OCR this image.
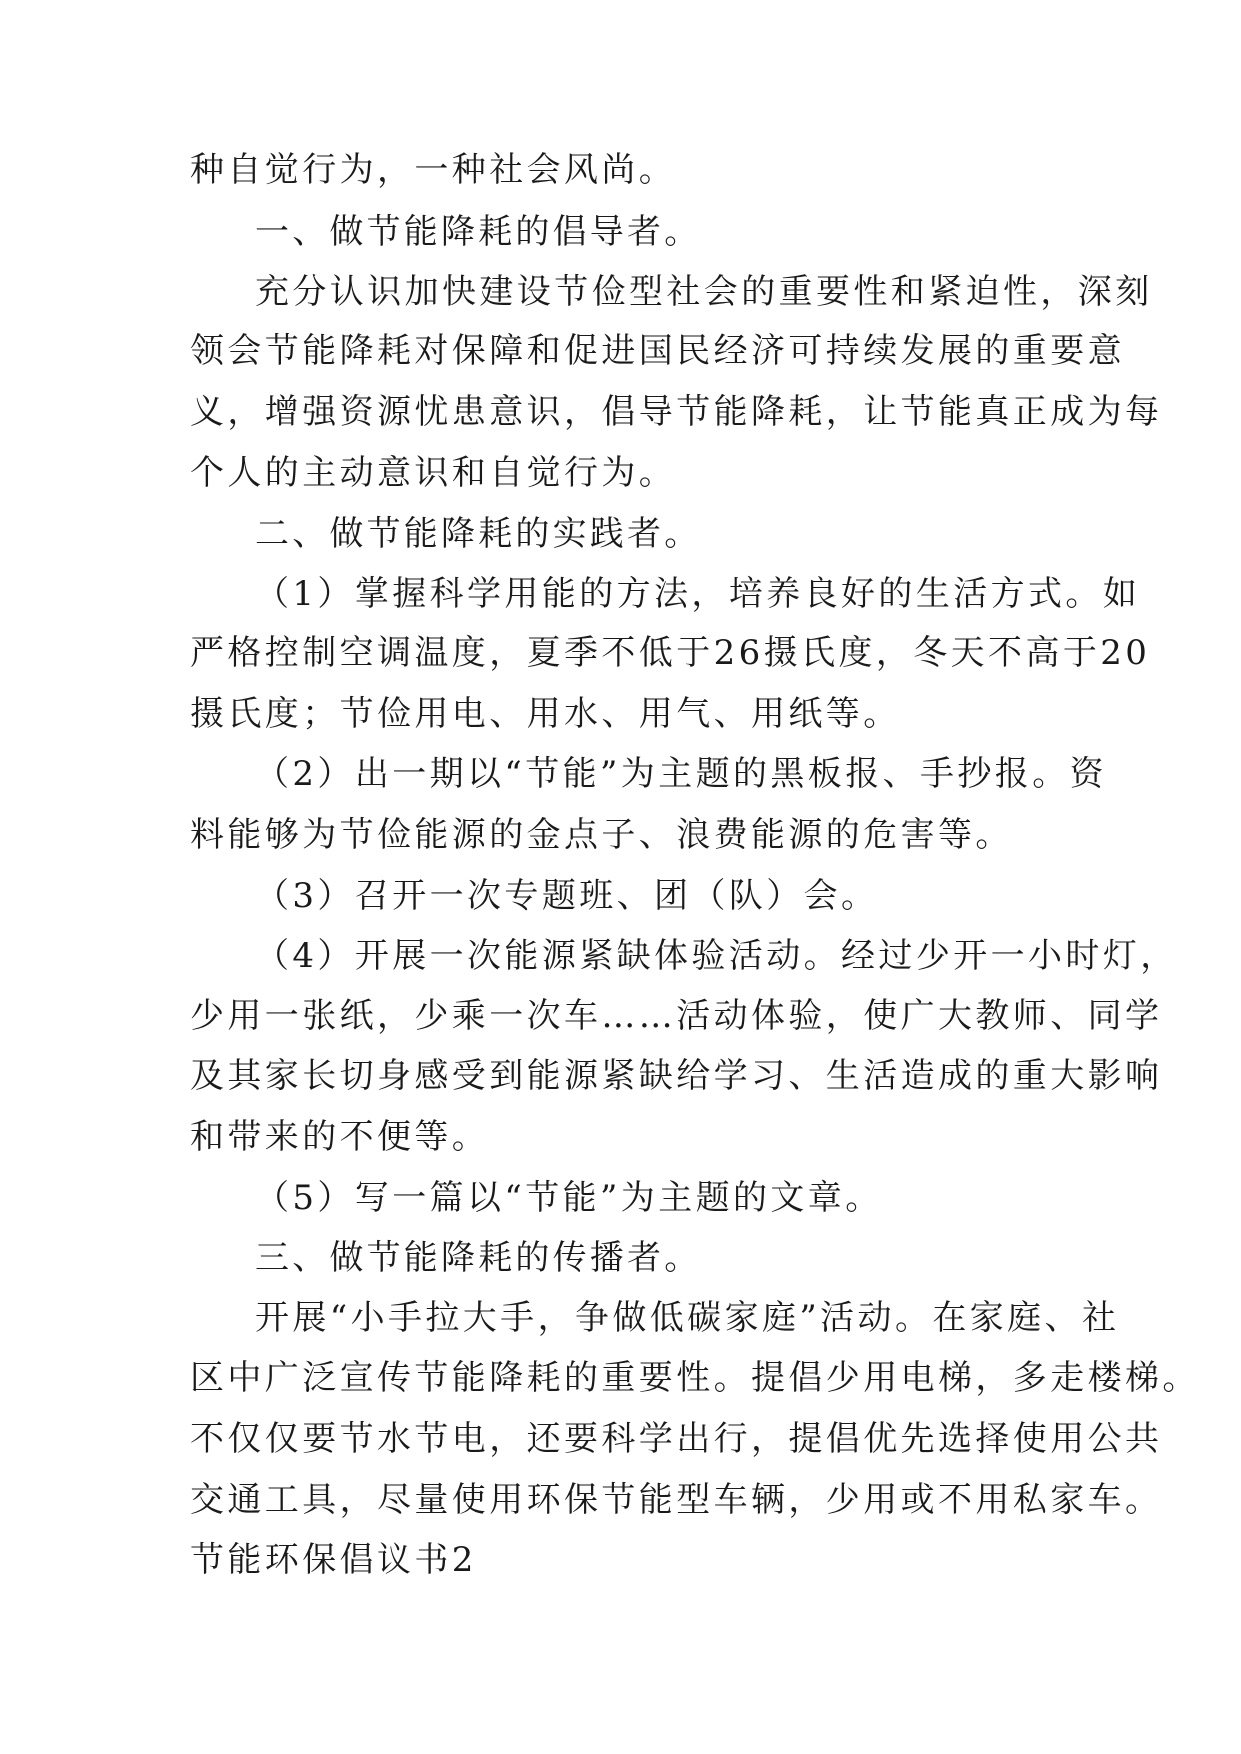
种自觉行为，一种社会风尚。
一、做节能降耗的倡导者。
充分认识加快建设节俭型社会的重要性和紧迫性，深刻
领会节能降耗对保障和促进国民经济可持续发展的重要意
义，增强资源忧患意识，倡导节能降耗，让节能真正成为每
个人的主动意识和自觉行为。
二、做节能降耗的实践者。
（1）掌握科学用能的方法，培养良好的生活方式。如
严格控制空调温度，夏季不低于26摄氏度，冬天不高于20
摄氏度；节俭用电、用水、用气、用纸等。
（2）出一期以“节能”为主题的黑板报、手抄报。资
料能够为节俭能源的金点子、浪费能源的危害等。
（3）召开一次专题班、团（队）会。
（4）开展一次能源紧缺体验活动。经过少开一小时灯，
少用一张纸，少乘一次车……活动体验，使广大教师、同学
及其家长切身感受到能源紧缺给学习、生活造成的重大影响
和带来的不便等。
（5）写一篇以“节能”为主题的文章。
三、做节能降耗的传播者。
开展“小手拉大手，争做低碳家庭”活动。在家庭、社
区中广泛宣传节能降耗的重要性。提倡少用电梯，多走楼梯。
不仅仅要节水节电，还要科学出行，提倡优先选择使用公共
交通工具，尽量使用环保节能型车辆，少用或不用私家车。
节能环保倡议书2
